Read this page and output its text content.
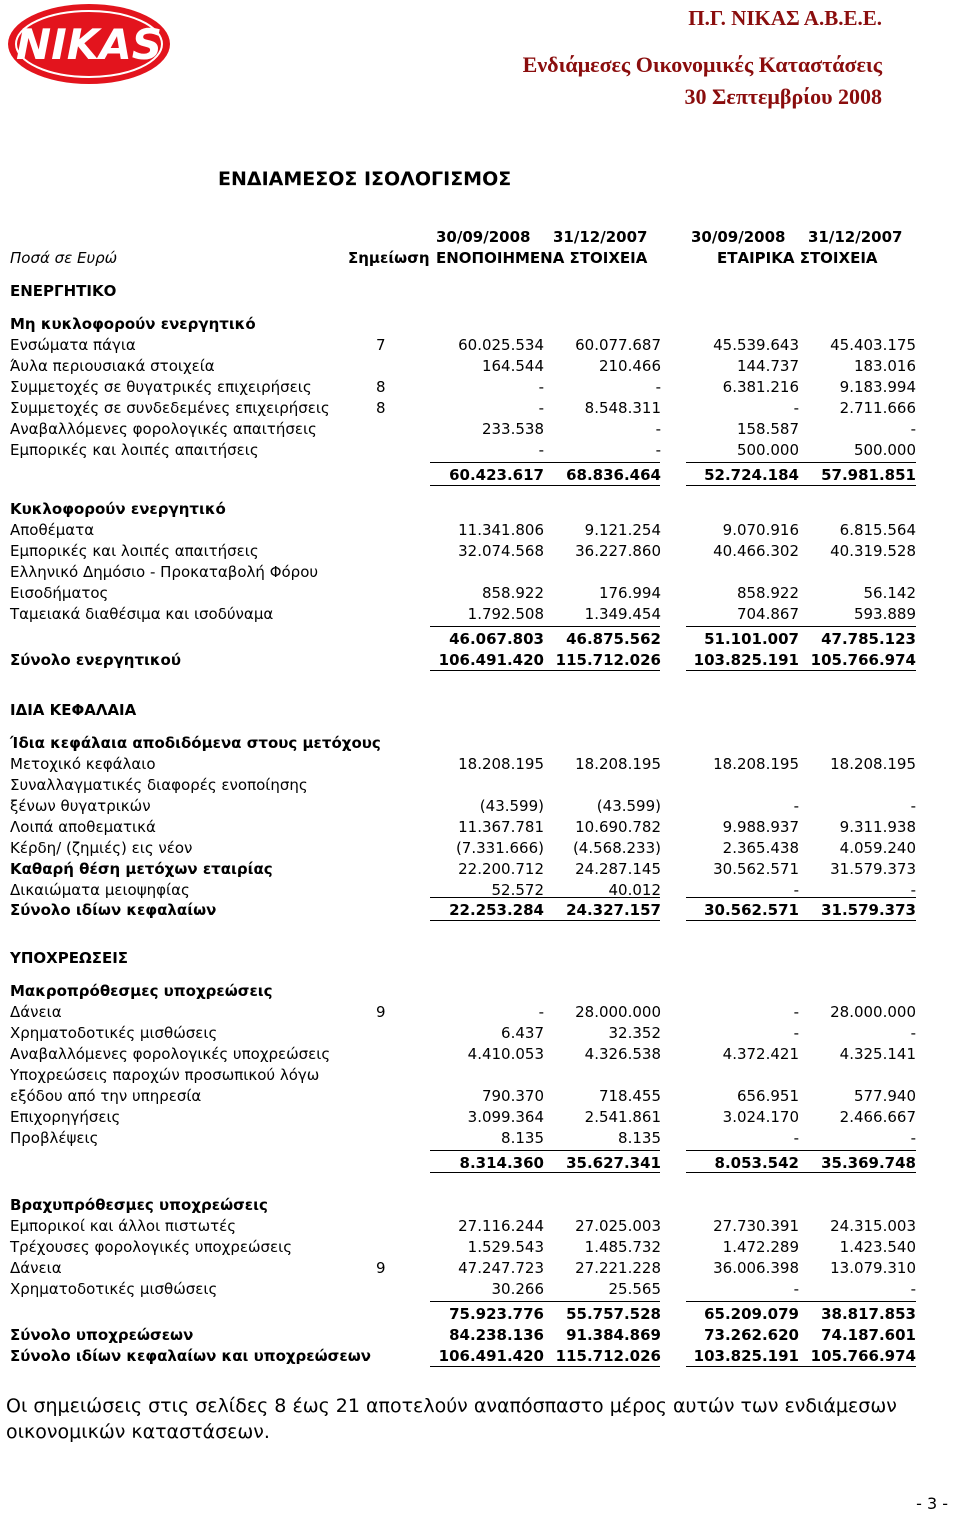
NIKAS
Π.Γ. ΝΙΚΑΣ Α.Β.Ε.Ε.
Ενδιάμεσες Οικονομικές Καταστάσεις
30 Σεπτεμβρίου 2008
ΕΝΔΙΑΜΕΣΟΣ ΙΣΟΛΟΓΙΣΜΟΣ
30/09/2008 31/12/2007	30/09/2008 31/12/2007
Ποσά σε Ευρώ	Σημείωση ΕΝΟΠΟΙΗΜΕΝΑ ΣΤΟΙΧΕΙΑ	ΕΤΑΙΡΙΚΑ ΣΤΟΙΧΕΙΑ
ΕΝΕΡΓΗΤΙΚΟ
Μη κυκλοφορούν ενεργητικό
Ενσώματα πάγια	7	60.025.534	60.077.687	45.539.643	45.403.175
Άυλα περιουσιακά στοιχεία	164.544	210.466	144.737	183.016
Συμμετοχές σε θυγατρικές επιχειρήσεις	8	-	-	6.381.216	9.183.994
Συμμετοχές σε συνδεδεμένες επιχειρήσεις	8	-	8.548.311	-	2.711.666
Αναβαλλόμενες φορολογικές απαιτήσεις	233.538	-	158.587	-
Εμπορικές και λοιπές απαιτήσεις	-	-	500.000	500.000
60.423.617	68.836.464	52.724.184	57.981.851
Κυκλοφορούν ενεργητικό
Αποθέματα	11.341.806	9.121.254	9.070.916	6.815.564
Εμπορικές και λοιπές απαιτήσεις	32.074.568	36.227.860	40.466.302	40.319.528
Ελληνικό Δημόσιο - Προκαταβολή Φόρου
Εισοδήματος	858.922	176.994	858.922	56.142
Ταμειακά διαθέσιμα και ισοδύναμα	1.792.508	1.349.454	704.867	593.889
46.067.803	46.875.562	51.101.007	47.785.123
Σύνολο ενεργητικού	106.491.420 115.712.026	103.825.191 105.766.974
ΙΔΙΑ ΚΕΦΑΛΑΙΑ
Ίδια κεφάλαια αποδιδόμενα στους μετόχους
Μετοχικό κεφάλαιο	18.208.195	18.208.195	18.208.195	18.208.195
Συναλλαγματικές διαφορές ενοποίησης
ξένων θυγατρικών	(43.599)	(43.599)	-	-
Λοιπά αποθεματικά	11.367.781	10.690.782	9.988.937	9.311.938
Κέρδη/ (ζημιές) εις νέον	(7.331.666)	(4.568.233)	2.365.438	4.059.240
Καθαρή θέση μετόχων εταιρίας	22.200.712	24.287.145	30.562.571	31.579.373
Δικαιώματα μειοψηφίας	52.572	40.012	-	-
Σύνολο ιδίων κεφαλαίων	22.253.284	24.327.157	30.562.571	31.579.373
ΥΠΟΧΡΕΩΣΕΙΣ
Μακροπρόθεσμες υποχρεώσεις
Δάνεια	9	-	28.000.000	-	28.000.000
Χρηματοδοτικές μισθώσεις	6.437	32.352	-	-
Αναβαλλόμενες φορολογικές υποχρεώσεις	4.410.053	4.326.538	4.372.421	4.325.141
Υποχρεώσεις παροχών προσωπικού λόγω
εξόδου από την υπηρεσία	790.370	718.455	656.951	577.940
Επιχορηγήσεις	3.099.364	2.541.861	3.024.170	2.466.667
Προβλέψεις	8.135	8.135	-	-
8.314.360	35.627.341	8.053.542	35.369.748
Βραχυπρόθεσμες υποχρεώσεις
Εμπορικοί και άλλοι πιστωτές	27.116.244	27.025.003	27.730.391	24.315.003
Τρέχουσες φορολογικές υποχρεώσεις	1.529.543	1.485.732	1.472.289	1.423.540
Δάνεια	9	47.247.723	27.221.228	36.006.398	13.079.310
Χρηματοδοτικές μισθώσεις	30.266	25.565	-	-
75.923.776	55.757.528	65.209.079	38.817.853
Σύνολο υποχρεώσεων	84.238.136	91.384.869	73.262.620	74.187.601
Σύνολο ιδίων κεφαλαίων και υποχρεώσεων	106.491.420 115.712.026	103.825.191 105.766.974
Οι σημειώσεις στις σελίδες 8 έως 21 αποτελούν αναπόσπαστο μέρος αυτών των ενδιάμεσων οικονομικών καταστάσεων.
- 3 -
